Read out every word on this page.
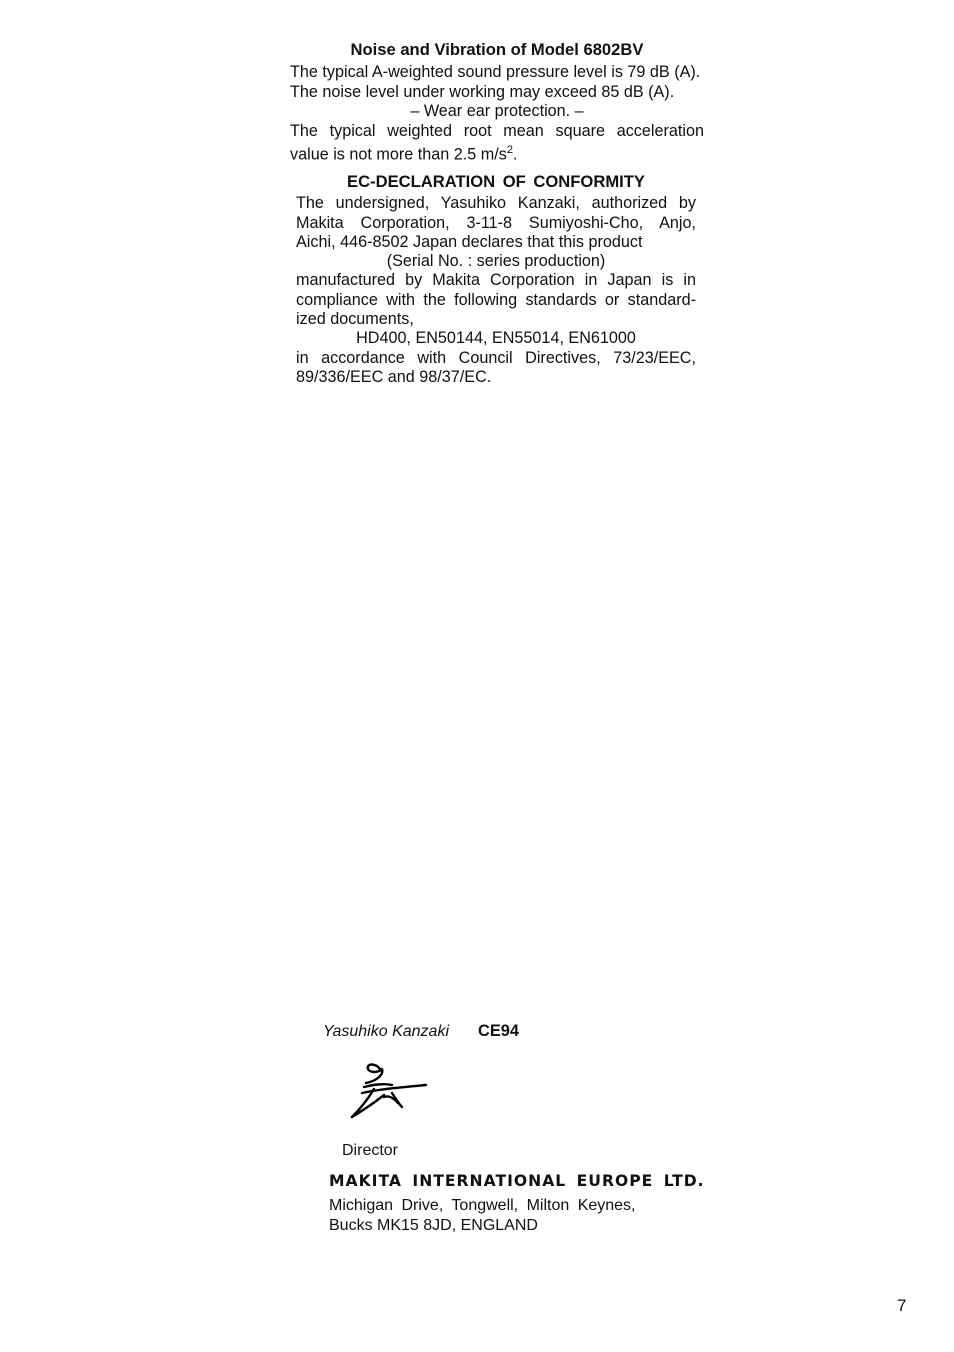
Noise and Vibration of Model 6802BV
The typical A-weighted sound pressure level is 79 dB (A).
The noise level under working may exceed 85 dB (A).
– Wear ear protection. –
The typical weighted root mean square acceleration
value is not more than 2.5 $m/s^2$.
EC-DECLARATION OF CONFORMITY
The undersigned, Yasuhiko Kanzaki, authorized by
Makita Corporation, 3-11-8 Sumiyoshi-Cho, Anjo,
Aichi, 446-8502 Japan declares that this product
(Serial No. : series production)
manufactured by Makita Corporation in Japan is in
compliance with the following standards or standard-
ized documents,
HD400, EN50144, EN55014, EN61000
in accordance with Council Directives, 73/23/EEC,
89/336/EEC and 98/37/EC.
Yasuhiko Kanzaki CE94
Director
MAKITA INTERNATIONAL EUROPE LTD.
Michigan Drive, Tongwell, Milton Keynes,
Bucks MK15 8JD, ENGLAND
7
